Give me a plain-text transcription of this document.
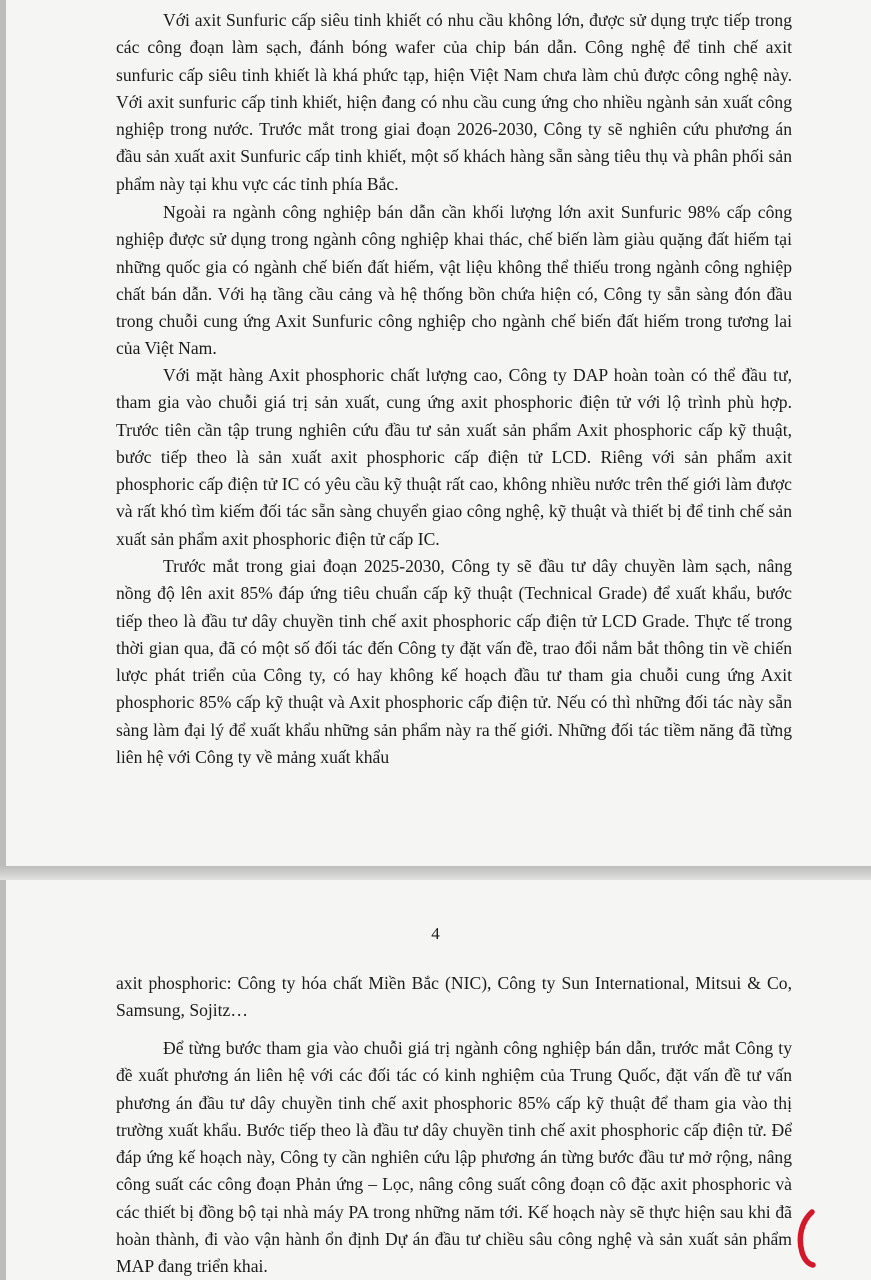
Với axit Sunfuric cấp siêu tinh khiết có nhu cầu không lớn, được sử dụng trực tiếp trong các công đoạn làm sạch, đánh bóng wafer của chip bán dẫn. Công nghệ để tinh chế axit sunfuric cấp siêu tinh khiết là khá phức tạp, hiện Việt Nam chưa làm chủ được công nghệ này. Với axit sunfuric cấp tinh khiết, hiện đang có nhu cầu cung ứng cho nhiều ngành sản xuất công nghiệp trong nước. Trước mắt trong giai đoạn 2026-2030, Công ty sẽ nghiên cứu phương án đầu sản xuất axit Sunfuric cấp tinh khiết, một số khách hàng sẵn sàng tiêu thụ và phân phối sản phẩm này tại khu vực các tỉnh phía Bắc.

Ngoài ra ngành công nghiệp bán dẫn cần khối lượng lớn axit Sunfuric 98% cấp công nghiệp được sử dụng trong ngành công nghiệp khai thác, chế biến làm giàu quặng đất hiếm tại những quốc gia có ngành chế biến đất hiếm, vật liệu không thể thiếu trong ngành công nghiệp chất bán dẫn. Với hạ tầng cầu cảng và hệ thống bồn chứa hiện có, Công ty sẵn sàng đón đầu trong chuỗi cung ứng Axit Sunfuric công nghiệp cho ngành chế biến đất hiếm trong tương lai của Việt Nam.

Với mặt hàng Axit phosphoric chất lượng cao, Công ty DAP hoàn toàn có thể đầu tư, tham gia vào chuỗi giá trị sản xuất, cung ứng axit phosphoric điện tử với lộ trình phù hợp. Trước tiên cần tập trung nghiên cứu đầu tư sản xuất sản phẩm Axit phosphoric cấp kỹ thuật, bước tiếp theo là sản xuất axit phosphoric cấp điện tử LCD. Riêng với sản phẩm axit phosphoric cấp điện tử IC có yêu cầu kỹ thuật rất cao, không nhiều nước trên thế giới làm được và rất khó tìm kiếm đối tác sẵn sàng chuyển giao công nghệ, kỹ thuật và thiết bị để tinh chế sản xuất sản phẩm axit phosphoric điện tử cấp IC.

Trước mắt trong giai đoạn 2025-2030, Công ty sẽ đầu tư dây chuyền làm sạch, nâng nồng độ lên axit 85% đáp ứng tiêu chuẩn cấp kỹ thuật (Technical Grade) để xuất khẩu, bước tiếp theo là đầu tư dây chuyền tinh chế axit phosphoric cấp điện tử LCD Grade. Thực tế trong thời gian qua, đã có một số đối tác đến Công ty đặt vấn đề, trao đổi nắm bắt thông tin về chiến lược phát triển của Công ty, có hay không kế hoạch đầu tư tham gia chuỗi cung ứng Axit phosphoric 85% cấp kỹ thuật và Axit phosphoric cấp điện tử. Nếu có thì những đối tác này sẵn sàng làm đại lý để xuất khẩu những sản phẩm này ra thế giới. Những đối tác tiềm năng đã từng liên hệ với Công ty về mảng xuất khẩu

4

axit phosphoric: Công ty hóa chất Miền Bắc (NIC), Công ty Sun International, Mitsui & Co, Samsung, Sojitz…

Để từng bước tham gia vào chuỗi giá trị ngành công nghiệp bán dẫn, trước mắt Công ty đề xuất phương án liên hệ với các đối tác có kinh nghiệm của Trung Quốc, đặt vấn đề tư vấn phương án đầu tư dây chuyền tinh chế axit phosphoric 85% cấp kỹ thuật để tham gia vào thị trường xuất khẩu. Bước tiếp theo là đầu tư dây chuyền tinh chế axit phosphoric cấp điện tử. Để đáp ứng kế hoạch này, Công ty cần nghiên cứu lập phương án từng bước đầu tư mở rộng, nâng công suất các công đoạn Phản ứng – Lọc, nâng công suất công đoạn cô đặc axit phosphoric và các thiết bị đồng bộ tại nhà máy PA trong những năm tới. Kế hoạch này sẽ thực hiện sau khi đã hoàn thành, đi vào vận hành ổn định Dự án đầu tư chiều sâu công nghệ và sản xuất sản phẩm MAP đang triển khai.
